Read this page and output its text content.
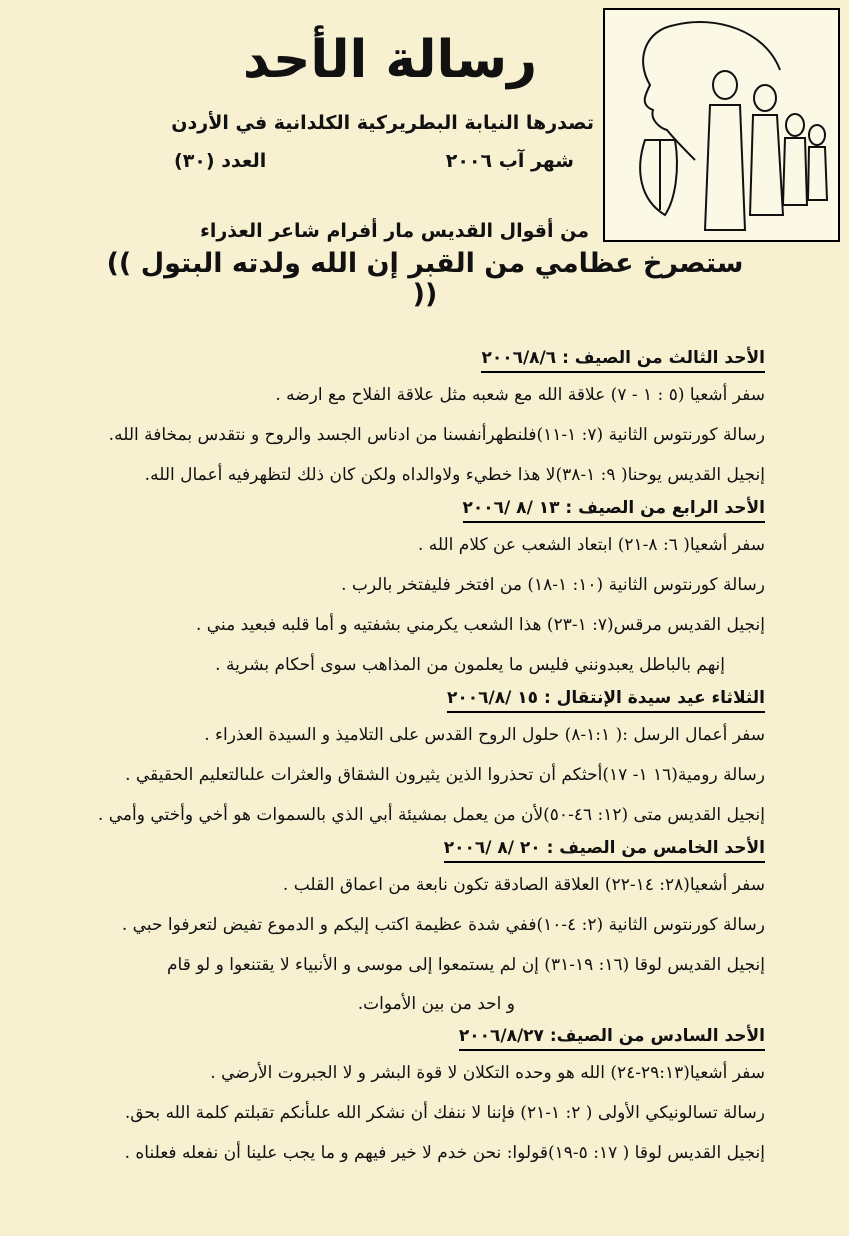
رسالة الأحد
تصدرها النيابة البطريركية الكلدانية في الأردن
شهر آب ٢٠٠٦
العدد (٣٠)
من أقوال القديس مار أفرام شاعر العذراء
(( ستصرخ عظامي من القبر إن الله ولدته البتول ))
الأحد الثالث من الصيف : ٢٠٠٦/٨/٦
سفر أشعيا (٥ : ١ - ٧) علاقة الله مع شعبه مثل علاقة الفلاح مع ارضه .
رسالة كورنتوس الثانية (٧: ١-١١)فلنطهرأنفسنا من ادناس الجسد والروح و نتقدس بمخافة الله.
إنجيل القديس يوحنا( ٩: ١-٣٨)لا هذا خطيء ولاوالداه ولكن كان ذلك لتظهرفيه أعمال الله.
الأحد الرابع من الصيف : ١٣ /٨ /٢٠٠٦
سفر أشعيا( ٦: ٨-٢١) ابتعاد الشعب عن كلام الله .
رسالة كورنتوس الثانية (١٠: ١-١٨) من افتخر فليفتخر بالرب .
إنجيل القديس مرقس(٧: ١-٢٣) هذا الشعب يكرمني بشفتيه و أما قلبه فبعيد مني .
إنهم بالباطل يعبدونني فليس ما يعلمون من المذاهب سوى أحكام بشرية .
الثلاثاء عيد سيدة الإنتقال : ١٥ /٢٠٠٦/٨
سفر أعمال الرسل :( ١:١-٨) حلول الروح القدس على التلاميذ و السيدة العذراء .
رسالة رومية(١٦ ١- ١٧)أحثكم أن تحذروا الذين يثيرون الشقاق والعثرات علىالتعليم الحقيقي .
إنجيل القديس متى (١٢: ٤٦-٥٠)لأن من يعمل بمشيئة أبي الذي بالسموات هو أخي وأختي وأمي .
الأحد الخامس من الصيف : ٢٠ /٨ /٢٠٠٦
سفر أشعيا(٢٨: ١٤-٢٢) العلاقة الصادقة تكون نابعة من اعماق القلب .
رسالة كورنتوس الثانية (٢: ٤-١٠)ففي شدة عظيمة اكتب إليكم و الدموع تفيض لتعرفوا حبي .
إنجيل القديس لوقا (١٦: ١٩-٣١) إن لم يستمعوا إلى موسى و الأنبياء لا يقتنعوا و لو قام
و احد من بين الأموات.
الأحد السادس من الصيف: ٢٠٠٦/٨/٢٧
سفر أشعيا(٢٩:١٣-٢٤) الله هو وحده التكلان لا قوة البشر و لا الجبروت الأرضي .
رسالة تسالونيكي الأولى ( ٢: ١-٢١) فإننا لا ننفك أن نشكر الله علىأنكم تقبلتم كلمة الله بحق.
إنجيل القديس لوقا ( ١٧: ٥-١٩)قولوا: نحن خدم لا خير فيهم و ما يجب علينا أن نفعله فعلناه .
